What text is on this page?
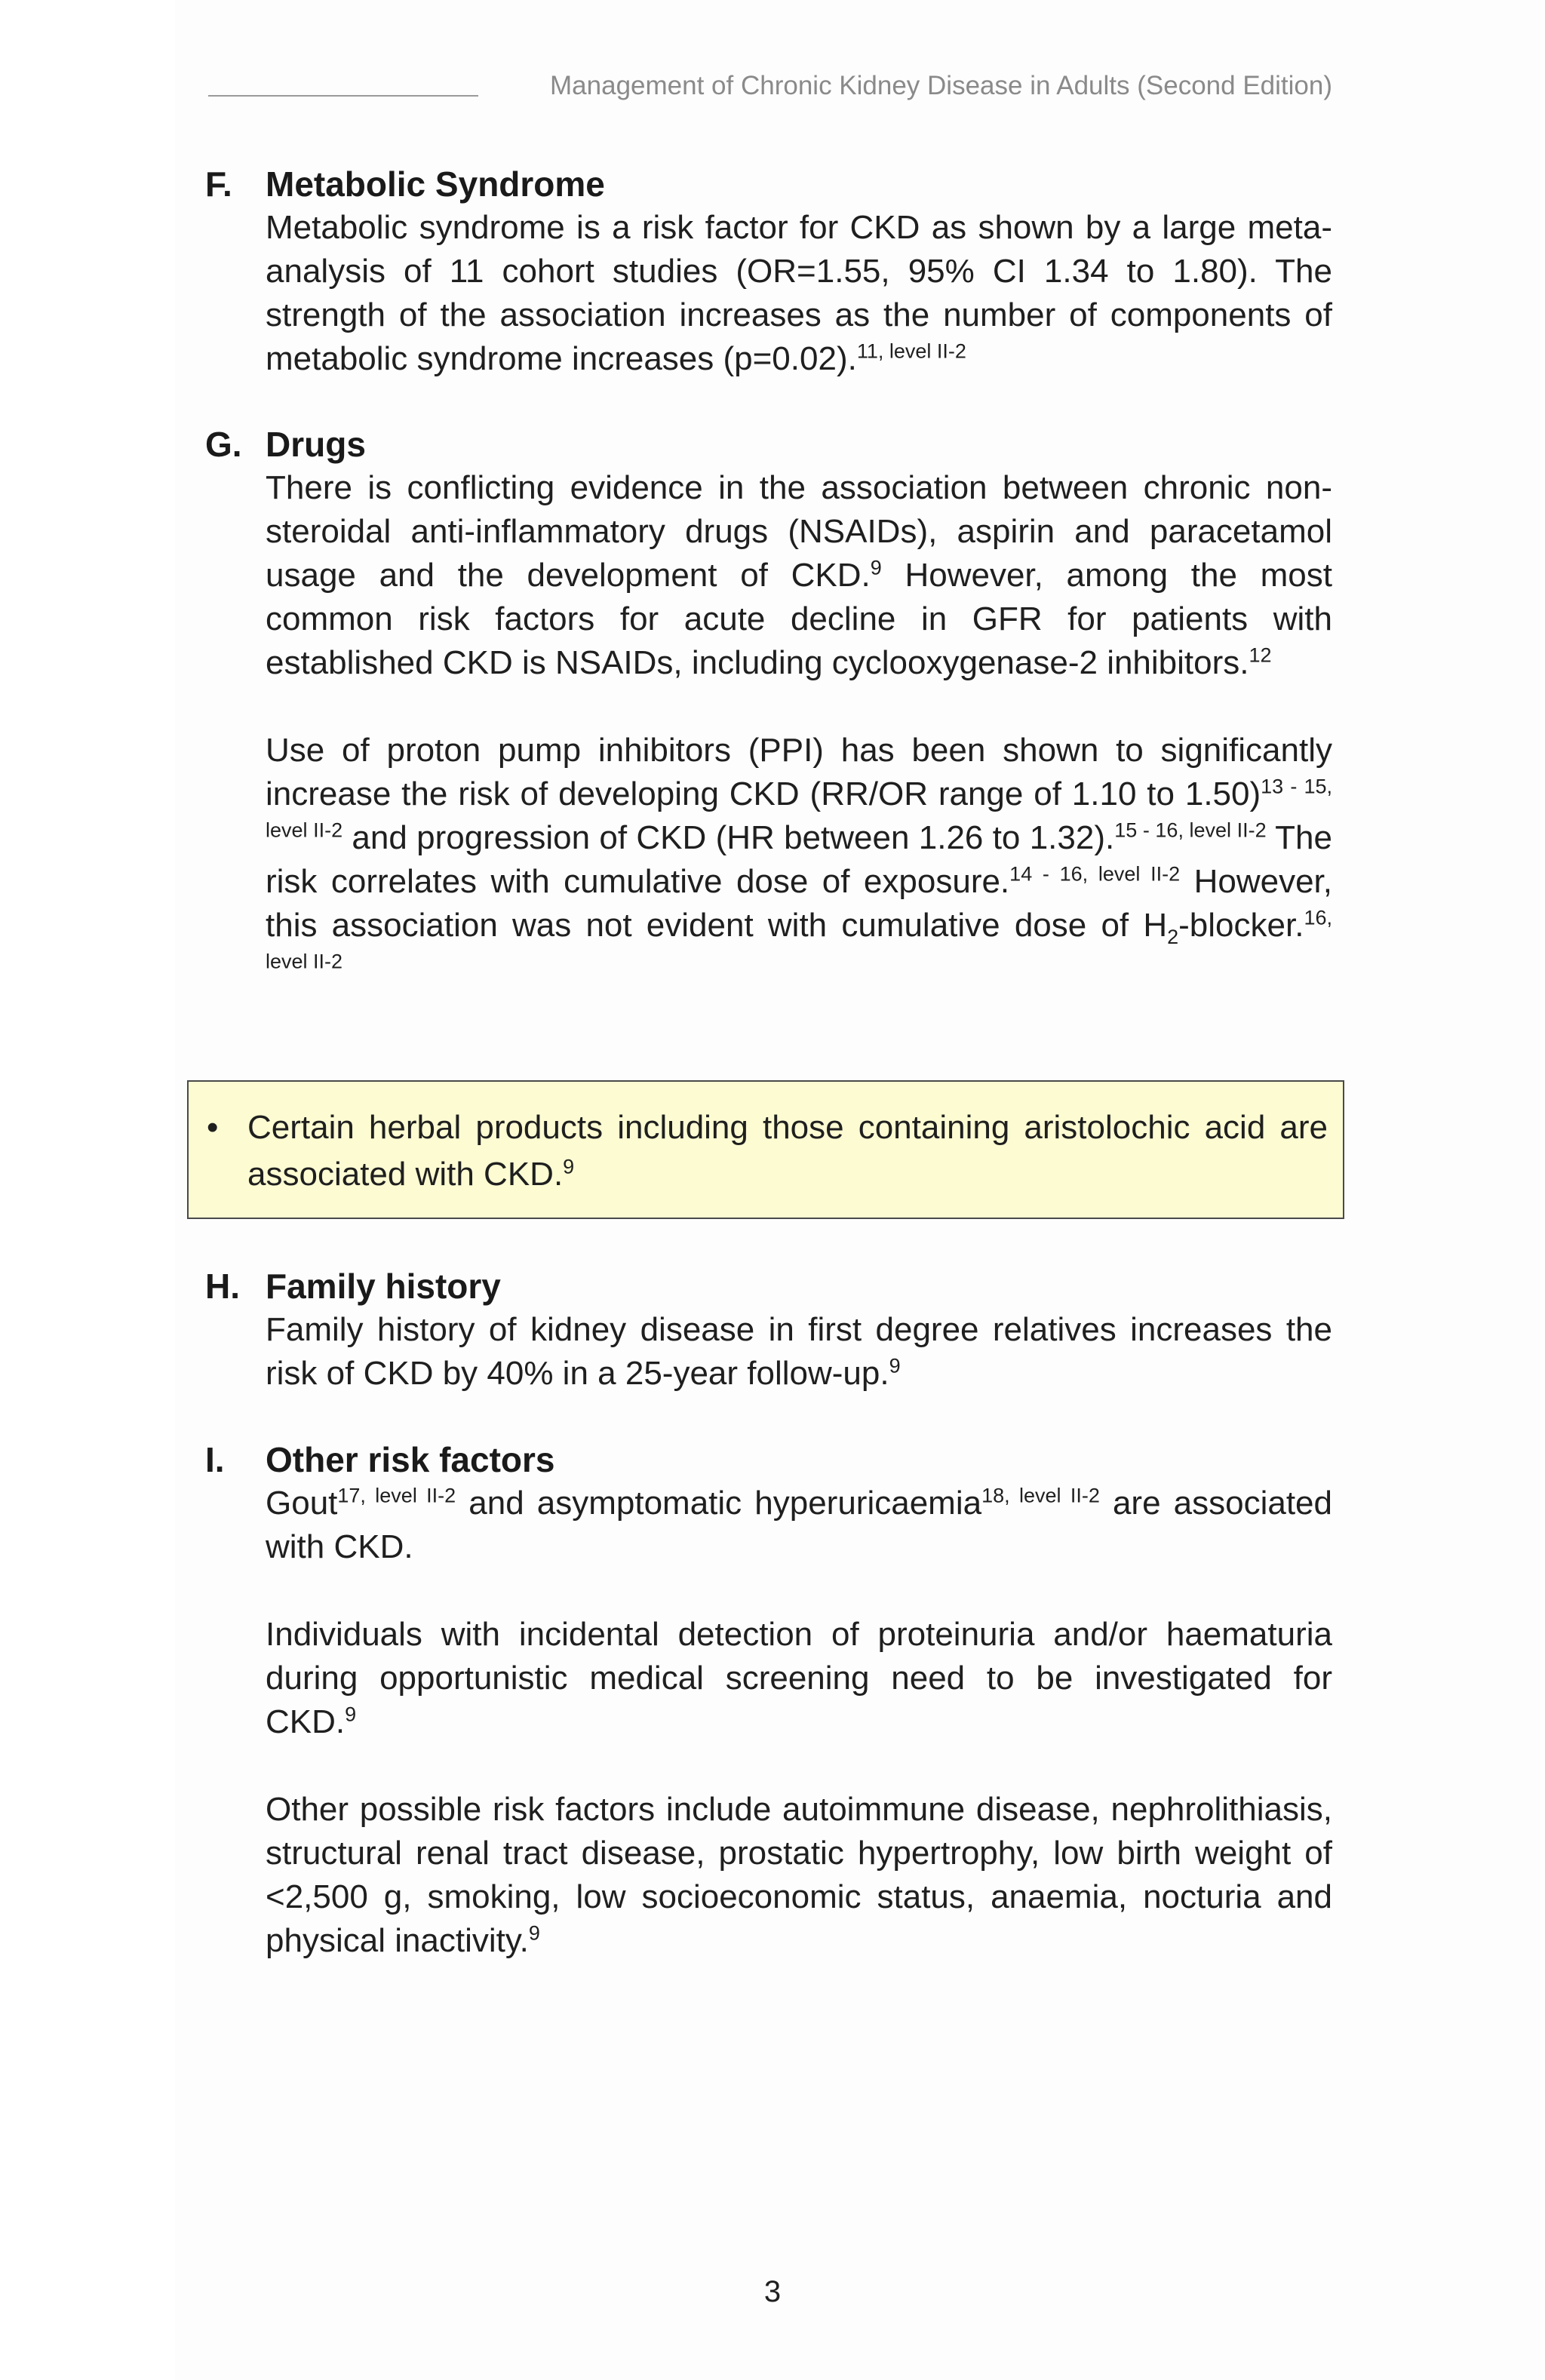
Management of Chronic Kidney Disease in Adults (Second Edition)
F. Metabolic Syndrome
Metabolic syndrome is a risk factor for CKD as shown by a large meta-analysis of 11 cohort studies (OR=1.55, 95% CI 1.34 to 1.80). The strength of the association increases as the number of components of metabolic syndrome increases (p=0.02).$^{11, level II-2}$
G. Drugs
There is conflicting evidence in the association between chronic non-steroidal anti-inflammatory drugs (NSAIDs), aspirin and paracetamol usage and the development of CKD.$^9$ However, among the most common risk factors for acute decline in GFR for patients with established CKD is NSAIDs, including cyclooxygenase-2 inhibitors.$^{12}$
Use of proton pump inhibitors (PPI) has been shown to significantly increase the risk of developing CKD (RR/OR range of 1.10 to 1.50)$^{13 - 15, level II-2}$ and progression of CKD (HR between 1.26 to 1.32).$^{15 - 16, level II-2}$ The risk correlates with cumulative dose of exposure.$^{14 - 16, level II-2}$ However, this association was not evident with cumulative dose of $H_2-blocker.^{16, level II-2}$
• Certain herbal products including those containing aristolochic acid are associated with CKD.$^9$
H. Family history
Family history of kidney disease in first degree relatives increases the risk of CKD by 40% in a 25-year follow-up.$^9$
I. Other risk factors
Gout$^{17, level II-2}$ and asymptomatic hyperuricaemia$^{18, level II-2}$ are associated with CKD.
Individuals with incidental detection of proteinuria and/or haematuria during opportunistic medical screening need to be investigated for CKD.$^9$
Other possible risk factors include autoimmune disease, nephrolithiasis, structural renal tract disease, prostatic hypertrophy, low birth weight of <2,500 g, smoking, low socioeconomic status, anaemia, nocturia and physical inactivity.$^9$
3
